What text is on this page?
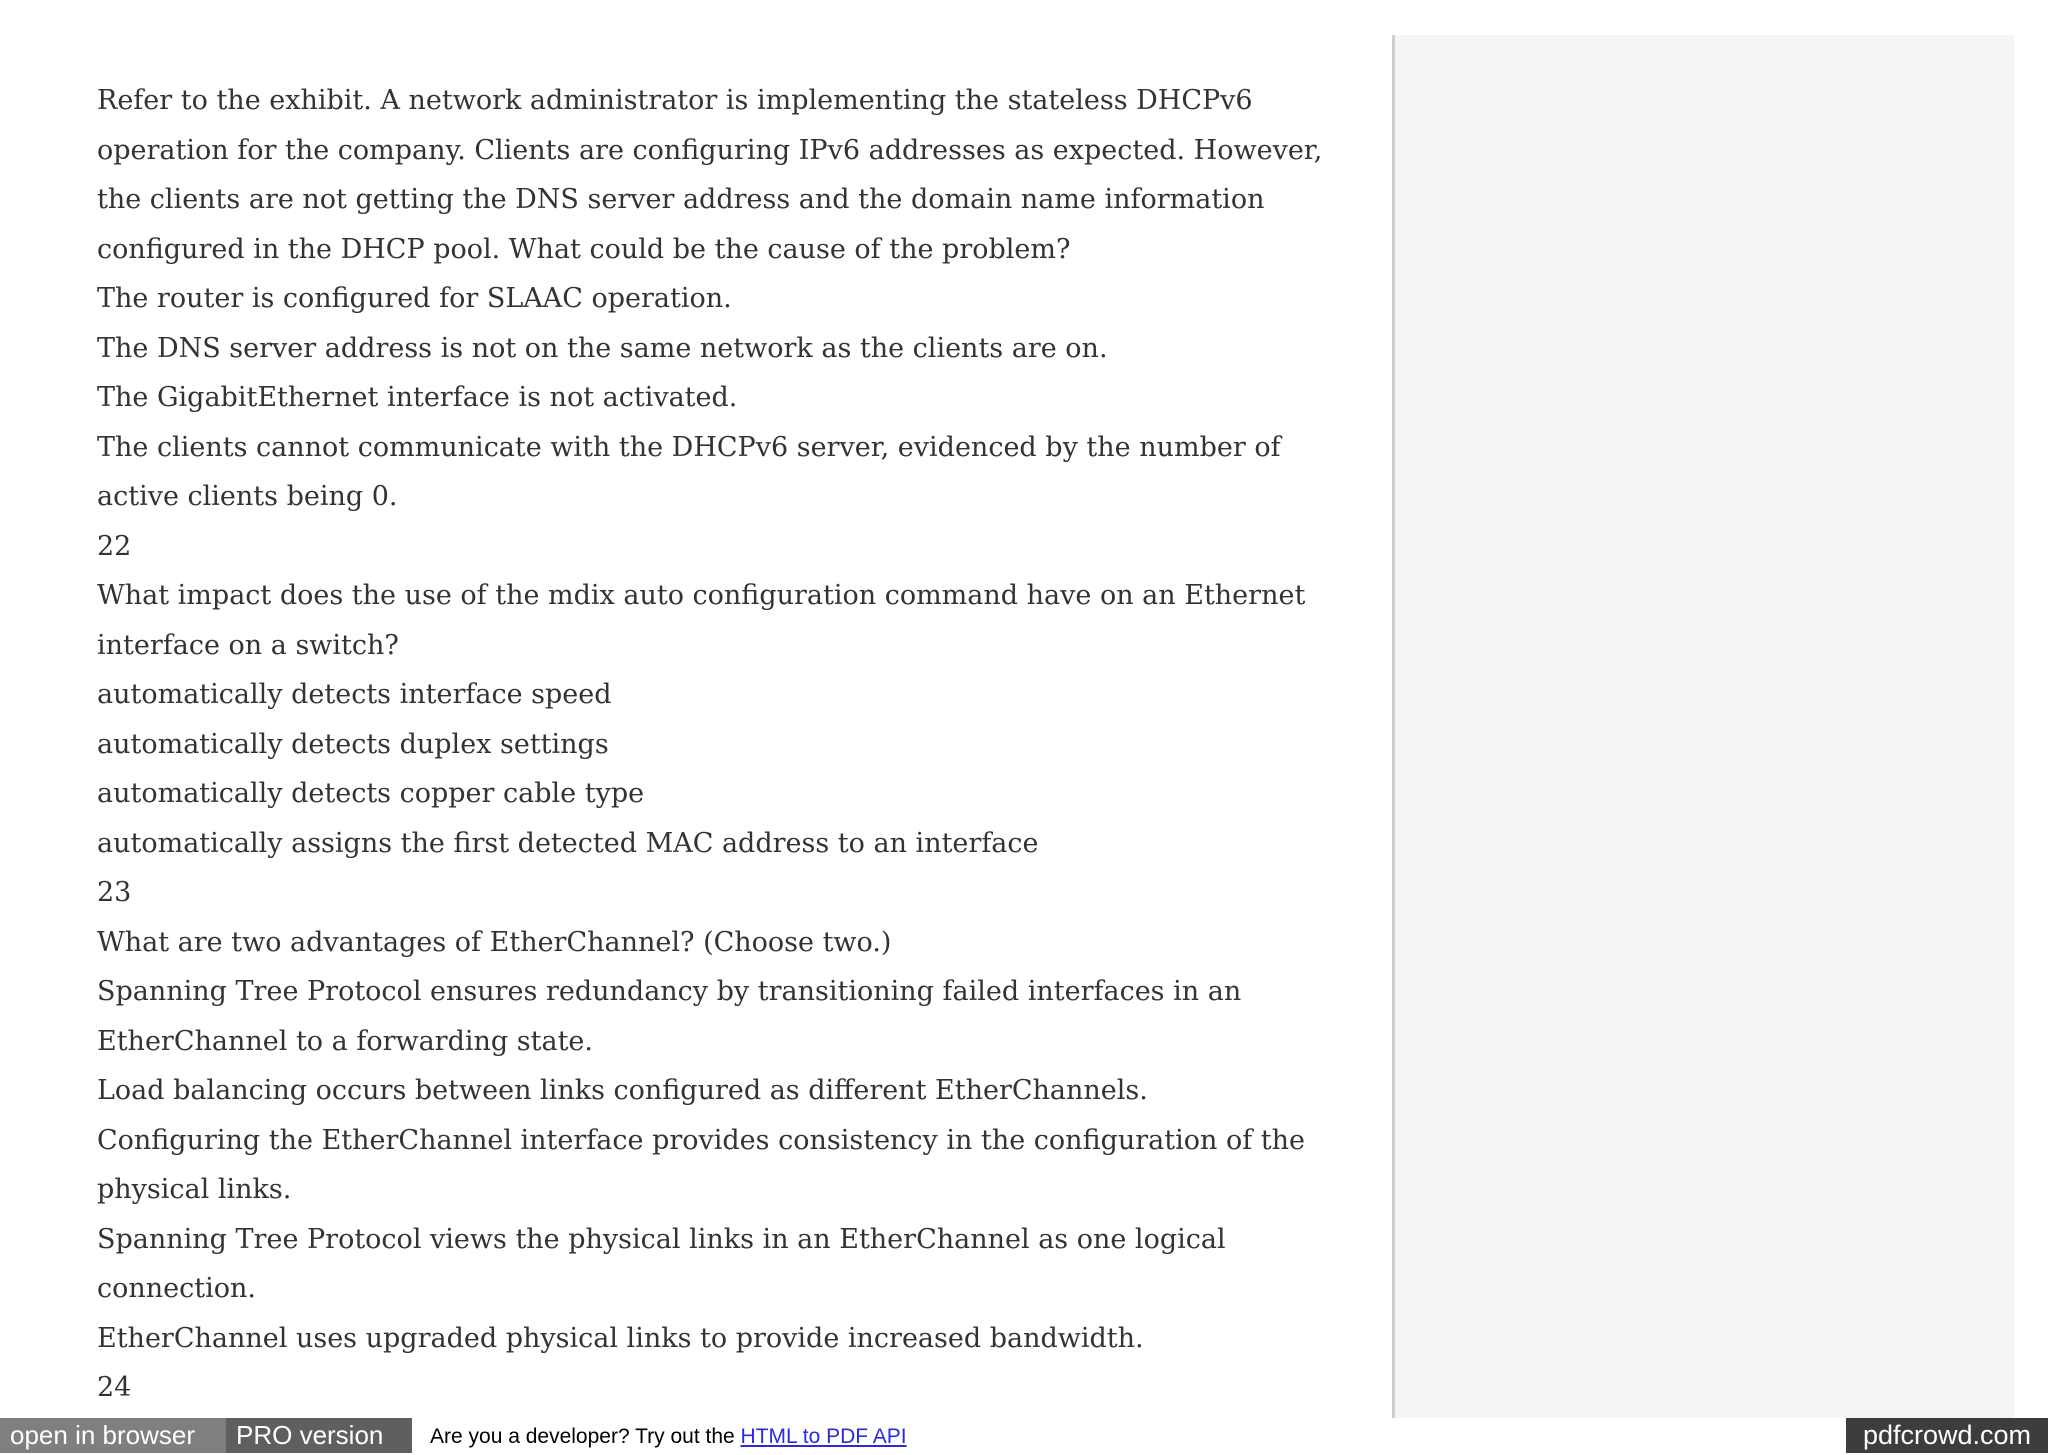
Refer to the exhibit. A network administrator is implementing the stateless DHCPv6

operation for the company. Clients are configuring IPv6 addresses as expected. However,

the clients are not getting the DNS server address and the domain name information

configured in the DHCP pool. What could be the cause of the problem?

The router is configured for SLAAC operation.

The DNS server address is not on the same network as the clients are on.

The GigabitEthernet interface is not activated.

The clients cannot communicate with the DHCPv6 server, evidenced by the number of

active clients being 0.

22

What impact does the use of the mdix auto configuration command have on an Ethernet

interface on a switch?

automatically detects interface speed

automatically detects duplex settings

automatically detects copper cable type

automatically assigns the first detected MAC address to an interface

23

What are two advantages of EtherChannel? (Choose two.)

Spanning Tree Protocol ensures redundancy by transitioning failed interfaces in an

EtherChannel to a forwarding state.

Load balancing occurs between links configured as different EtherChannels.

Configuring the EtherChannel interface provides consistency in the configuration of the

physical links.

Spanning Tree Protocol views the physical links in an EtherChannel as one logical

connection.

EtherChannel uses upgraded physical links to provide increased bandwidth.

24

open in browser	PRO version	Are you a developer? Try out the HTML to PDF API	pdfcrowd.com
